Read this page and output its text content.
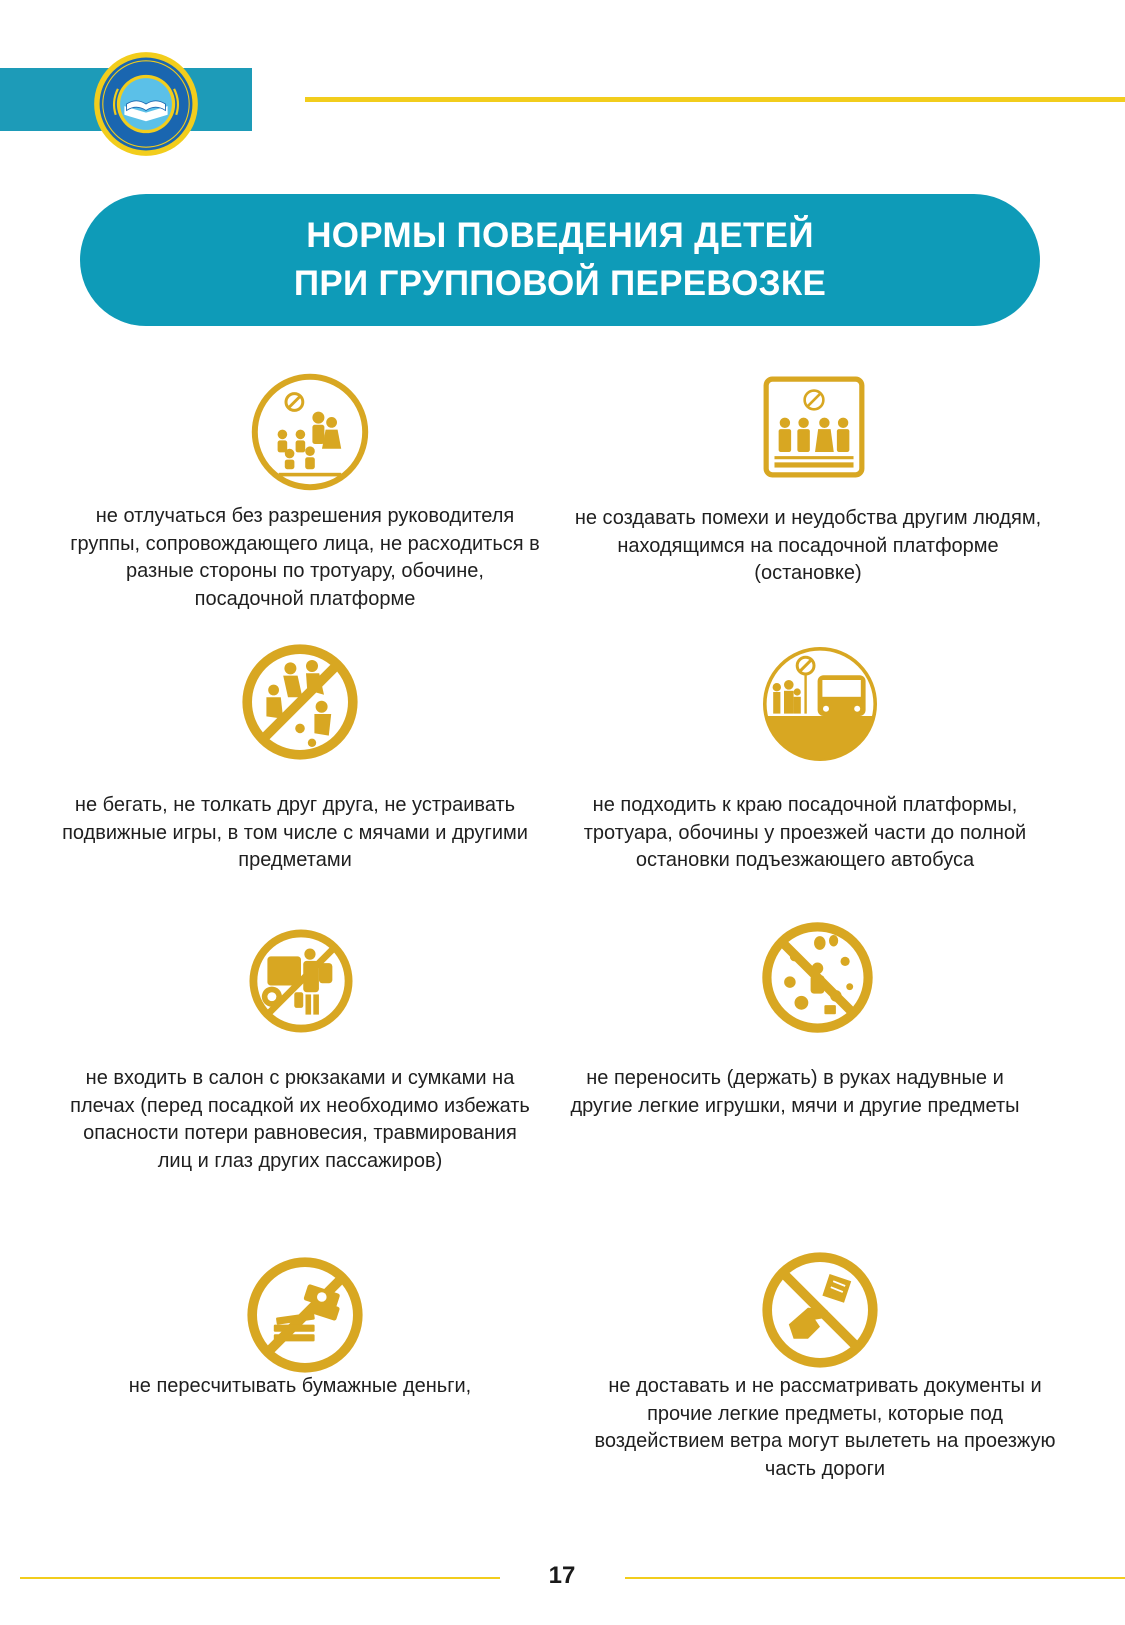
НОРМЫ ПОВЕДЕНИЯ ДЕТЕЙ
ПРИ ГРУППОВОЙ ПЕРЕВОЗКЕ
не отлучаться без разрешения руководителя группы, сопровождающего лица, не расходиться в разные стороны по тротуару, обочине, посадочной платформе
не создавать помехи и неудобства другим людям, находящимся на посадочной платформе (остановке)
не бегать, не толкать друг друга, не устраивать подвижные игры, в том числе с мячами и другими предметами
не подходить к краю посадочной платформы, тротуара, обочины у проезжей части до полной остановки подъезжающего автобуса
не входить в салон с рюкзаками и сумками на плечах (перед посадкой их необходимо избежать опасности потери равновесия, травмирования лиц и глаз других пассажиров)
не переносить (держать) в руках надувные и другие легкие игрушки, мячи и другие предметы
не пересчитывать бумажные деньги,	не доставать и не рассматривать документы и прочие легкие предметы, которые под воздействием ветра могут вылететь на проезжую часть дороги
17
